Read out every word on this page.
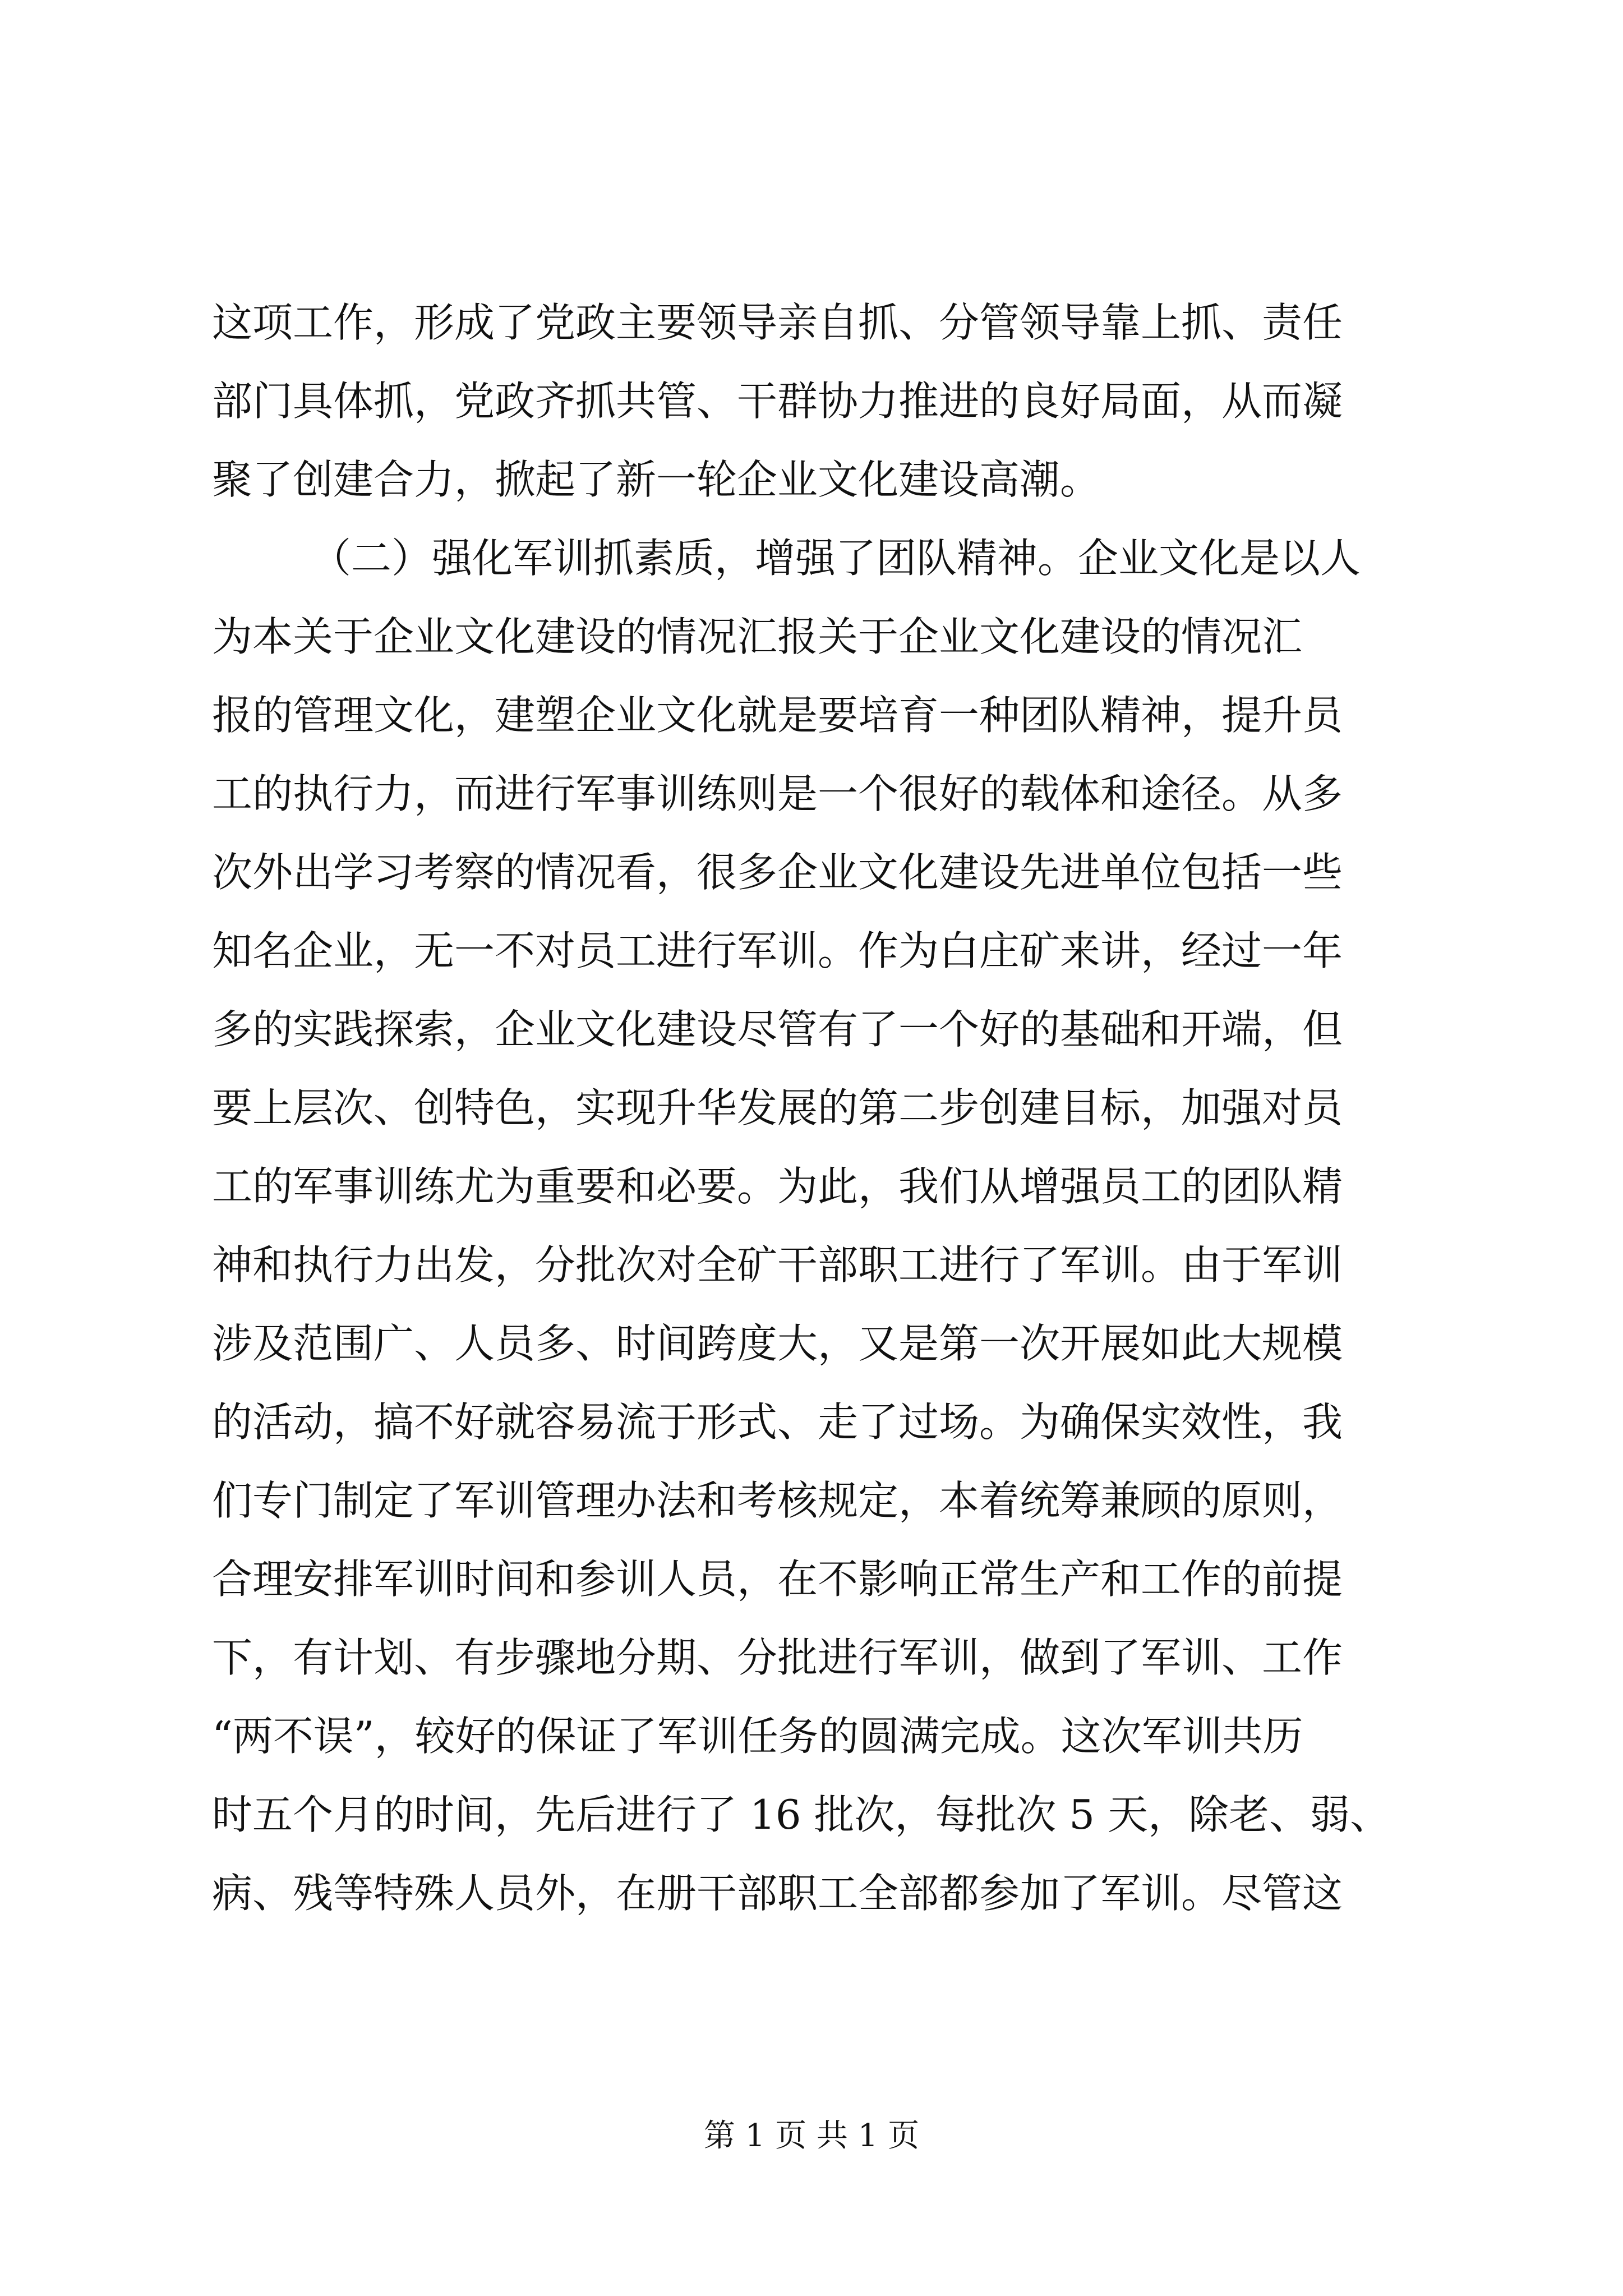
这项工作，形成了党政主要领导亲自抓、分管领导靠上抓、责任
部门具体抓，党政齐抓共管、干群协力推进的良好局面，从而凝
聚了创建合力，掀起了新一轮企业文化建设高潮。
（二）强化军训抓素质，增强了团队精神。企业文化是以人
为本关于企业文化建设的情况汇报关于企业文化建设的情况汇
报的管理文化，建塑企业文化就是要培育一种团队精神，提升员
工的执行力，而进行军事训练则是一个很好的载体和途径。从多
次外出学习考察的情况看，很多企业文化建设先进单位包括一些
知名企业，无一不对员工进行军训。作为白庄矿来讲，经过一年
多的实践探索，企业文化建设尽管有了一个好的基础和开端，但
要上层次、创特色，实现升华发展的第二步创建目标，加强对员
工的军事训练尤为重要和必要。为此，我们从增强员工的团队精
神和执行力出发，分批次对全矿干部职工进行了军训。由于军训
涉及范围广、人员多、时间跨度大，又是第一次开展如此大规模
的活动，搞不好就容易流于形式、走了过场。为确保实效性，我
们专门制定了军训管理办法和考核规定，本着统筹兼顾的原则，
合理安排军训时间和参训人员，在不影响正常生产和工作的前提
下，有计划、有步骤地分期、分批进行军训，做到了军训、工作
“两不误”，较好的保证了军训任务的圆满完成。这次军训共历
时五个月的时间，先后进行了 16 批次，每批次 5 天，除老、弱、
病、残等特殊人员外，在册干部职工全部都参加了军训。尽管这
第 1 页 共 1 页
